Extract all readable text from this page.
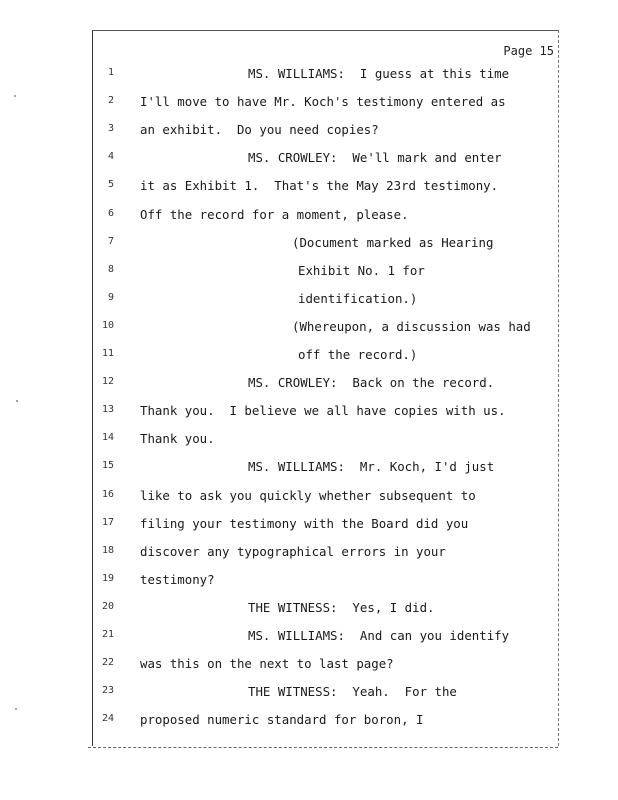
Page 15
1	MS. WILLIAMS:  I guess at this time
2 I'll move to have Mr. Koch's testimony entered as
3 an exhibit.  Do you need copies?
4	MS. CROWLEY:  We'll mark and enter
5 it as Exhibit 1.  That's the May 23rd testimony.
6 Off the record for a moment, please.
7	(Document marked as Hearing
8	Exhibit No. 1 for
9	identification.)
10	(Whereupon, a discussion was had
11	off the record.)
12	MS. CROWLEY:  Back on the record.
13 Thank you.  I believe we all have copies with us.
14 Thank you.
15	MS. WILLIAMS:  Mr. Koch, I'd just
16 like to ask you quickly whether subsequent to
17 filing your testimony with the Board did you
18 discover any typographical errors in your
19 testimony?
20	THE WITNESS:  Yes, I did.
21	MS. WILLIAMS:  And can you identify
22 was this on the next to last page?
23	THE WITNESS:  Yeah.  For the
24 proposed numeric standard for boron, I
